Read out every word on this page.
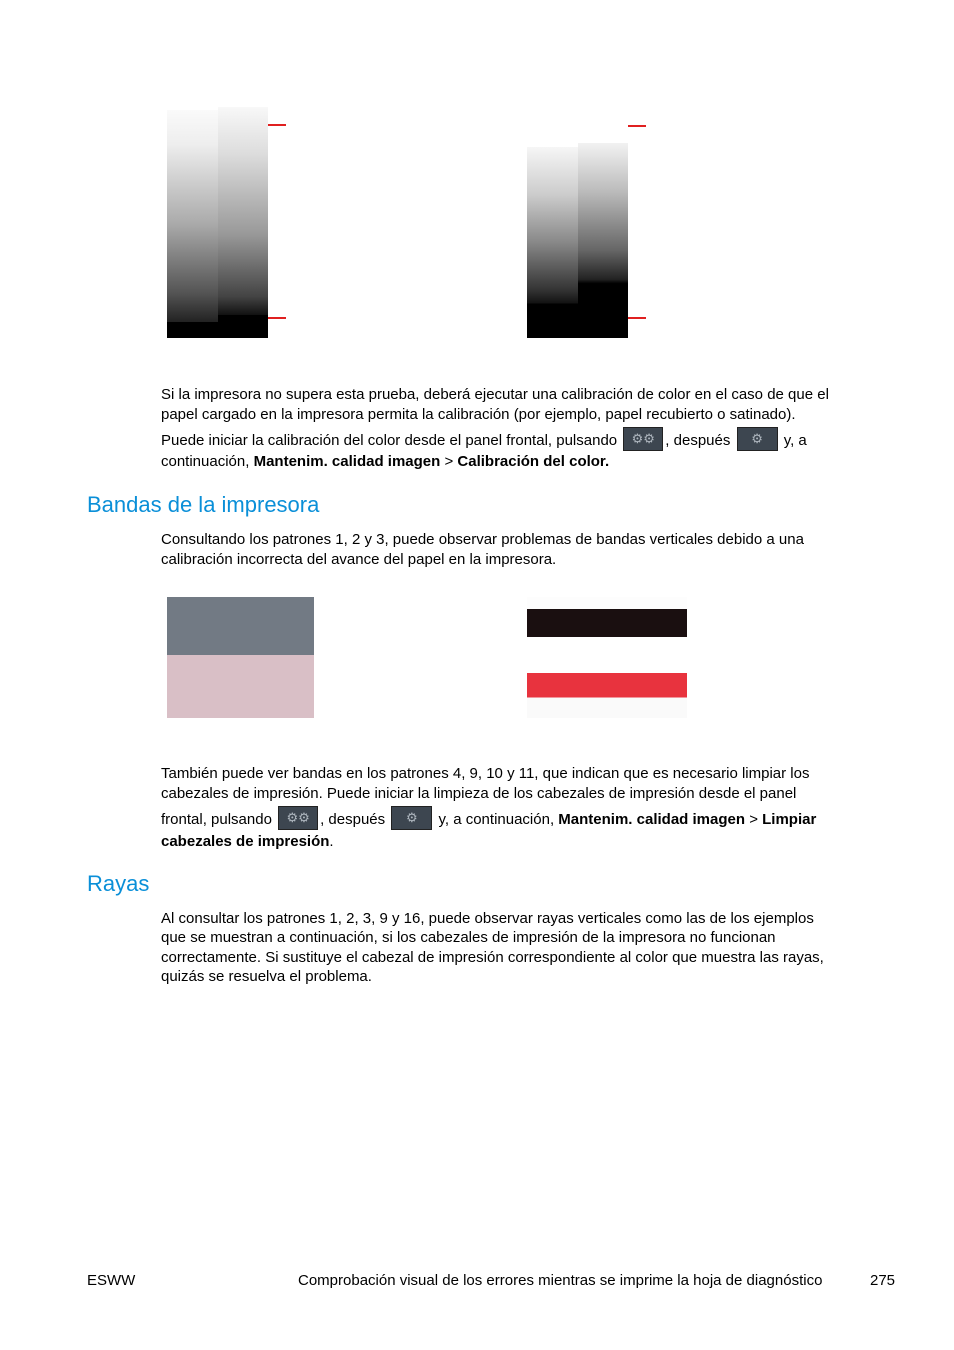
Si la impresora no supera esta prueba, deberá ejecutar una calibración de color en el caso de que el
papel cargado en la impresora permita la calibración (por ejemplo, papel recubierto o satinado).
Puede iniciar la calibración del color desde el panel frontal, pulsando ⚙⚙ , después ⚙ y, a
continuación, Mantenim. calidad imagen > Calibración del color.
Bandas de la impresora
Consultando los patrones 1, 2 y 3, puede observar problemas de bandas verticales debido a una
calibración incorrecta del avance del papel en la impresora.
También puede ver bandas en los patrones 4, 9, 10 y 11, que indican que es necesario limpiar los
cabezales de impresión. Puede iniciar la limpieza de los cabezales de impresión desde el panel
frontal, pulsando ⚙⚙ , después ⚙ y, a continuación, Mantenim. calidad imagen > Limpiar
cabezales de impresión.
Rayas
Al consultar los patrones 1, 2, 3, 9 y 16, puede observar rayas verticales como las de los ejemplos
que se muestran a continuación, si los cabezales de impresión de la impresora no funcionan
correctamente. Si sustituye el cabezal de impresión correspondiente al color que muestra las rayas,
quizás se resuelva el problema.
ESWW	Comprobación visual de los errores mientras se imprime la hoja de diagnóstico	275
